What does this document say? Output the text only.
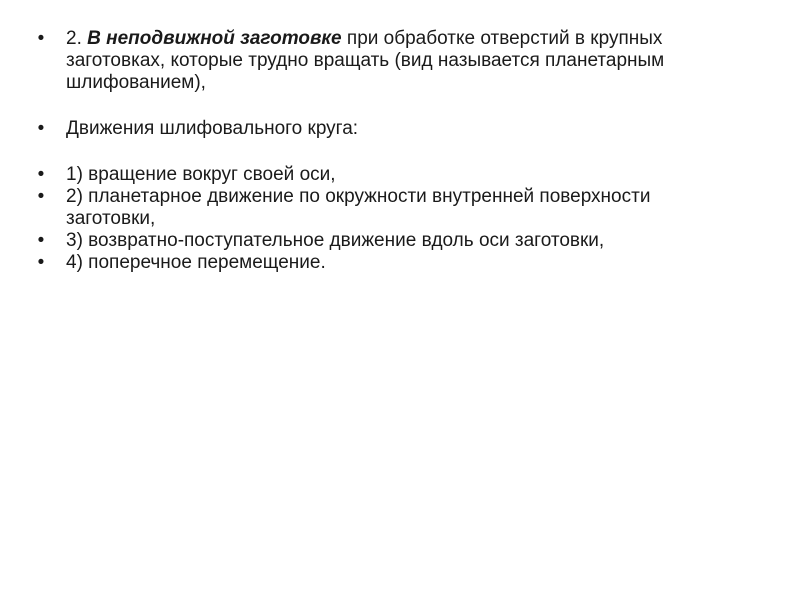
• 2. В неподвижной заготовке при обработке отверстий в крупных заготовках, которые трудно вращать (вид называется планетарным шлифованием),
• Движения шлифовального круга:
• 1) вращение вокруг своей оси,
• 2) планетарное движение по окружности внутренней поверхности заготовки,
• 3) возвратно-поступательное движение вдоль оси заготовки,
• 4) поперечное перемещение.
